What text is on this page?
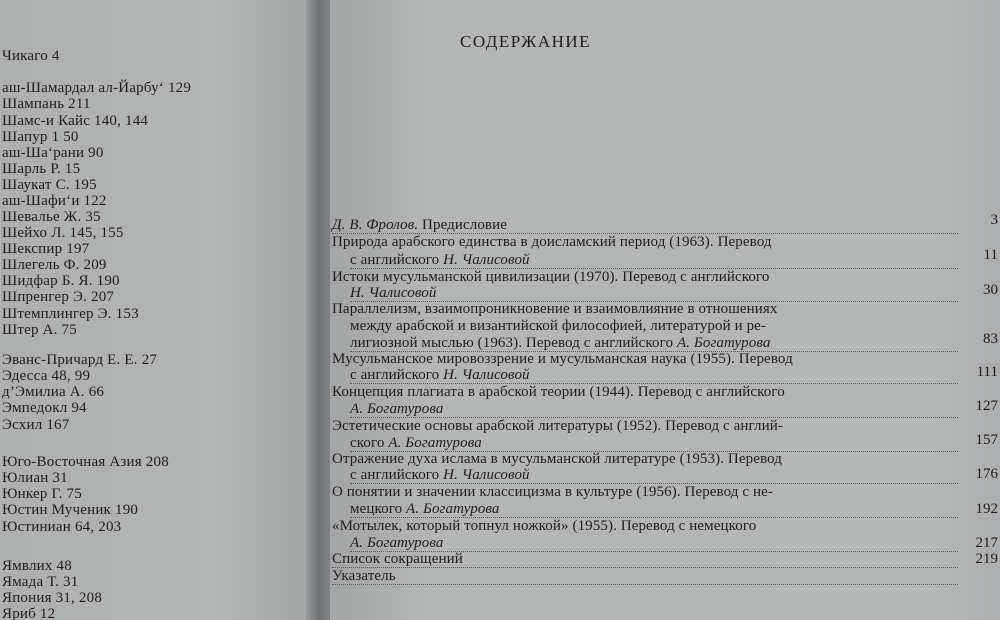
Чикаго 4
аш-Шамардал ал-Йарбу‘ 129
Шампань 211
Шамс-и Кайс 140, 144
Шапур 1 50
аш-Ша‘рани 90
Шарль Р. 15
Шаукат С. 195
аш-Шафи‘и 122
Шевалье Ж. 35
Шейхо Л. 145, 155
Шекспир 197
Шлегель Ф. 209
Шидфар Б. Я. 190
Шпренгер Э. 207
Штемплингер Э. 153
Штер А. 75
Эванс-Причард Е. Е. 27
Эдесса 48, 99
д’Эмилиа А. 66
Эмпедокл 94
Эсхил 167
Юго-Восточная Азия 208
Юлиан 31
Юнкер Г. 75
Юстин Мученик 190
Юстиниан 64, 203
Ямвлих 48
Ямада Т. 31
Япония 31, 208
Яриб 12
СОДЕРЖАНИЕ
Д. В. Фролов. Предисловие	3
Природа арабского единства в доисламский период (1963). Перевод
с английского Н. Чалисовой	11
Истоки мусульманской цивилизации (1970). Перевод с английского
Н. Чалисовой	30
Параллелизм, взаимопроникновение и взаимовлияние в отношениях
между арабской и византийской философией, литературой и ре-
лигиозной мыслью (1963). Перевод с английского А. Богатурова	83
Мусульманское мировоззрение и мусульманская наука (1955). Перевод
с английского Н. Чалисовой	111
Концепция плагиата в арабской теории (1944). Перевод с английского
А. Богатурова	127
Эстетические основы арабской литературы (1952). Перевод с англий-
ского А. Богатурова	157
Отражение духа ислама в мусульманской литературе (1953). Перевод
с английского Н. Чалисовой	176
О понятии и значении классицизма в культуре (1956). Перевод с не-
мецкого А. Богатурова	192
«Мотылек, который топнул ножкой» (1955). Перевод с немецкого
А. Богатурова	217
Список сокращений	219
Указатель
